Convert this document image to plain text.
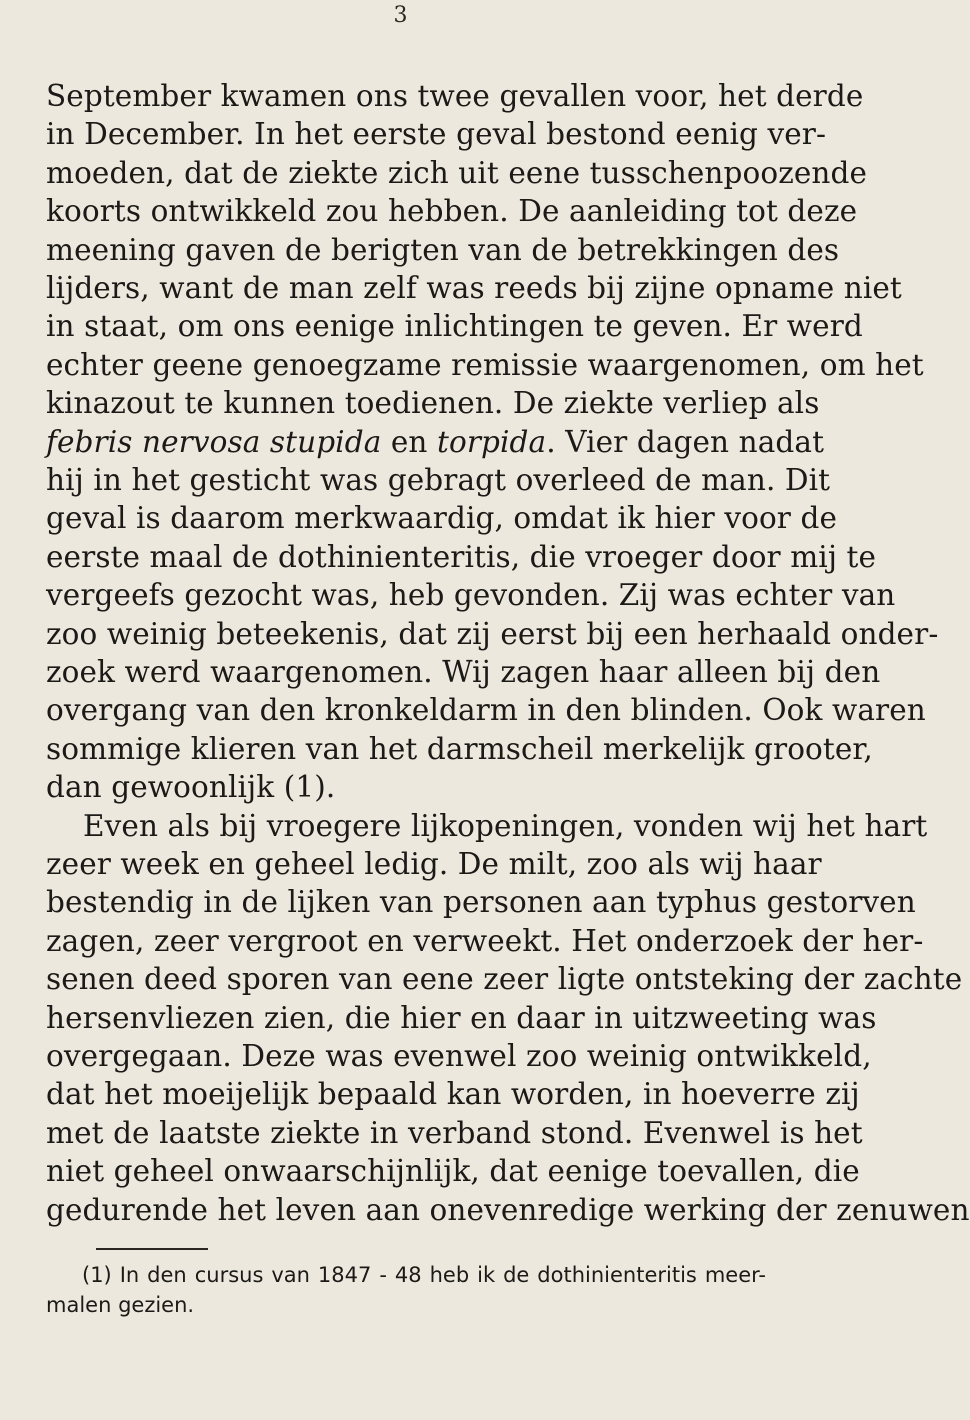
3
September kwamen ons twee gevallen voor, het derde
in December. In het eerste geval bestond eenig ver-
moeden, dat de ziekte zich uit eene tusschenpoozende
koorts ontwikkeld zou hebben. De aanleiding tot deze
meening gaven de berigten van de betrekkingen des
lijders, want de man zelf was reeds bij zijne opname niet
in staat, om ons eenige inlichtingen te geven. Er werd
echter geene genoegzame remissie waargenomen, om het
kinazout te kunnen toedienen. De ziekte verliep als
febris nervosa stupida en torpida. Vier dagen nadat
hij in het gesticht was gebragt overleed de man. Dit
geval is daarom merkwaardig, omdat ik hier voor de
eerste maal de dothinienteritis, die vroeger door mij te
vergeefs gezocht was, heb gevonden. Zij was echter van
zoo weinig beteekenis, dat zij eerst bij een herhaald onder-
zoek werd waargenomen. Wij zagen haar alleen bij den
overgang van den kronkeldarm in den blinden. Ook waren
sommige klieren van het darmscheil merkelijk grooter,
dan gewoonlijk (1).
Even als bij vroegere lijkopeningen, vonden wij het hart
zeer week en geheel ledig. De milt, zoo als wij haar
bestendig in de lijken van personen aan typhus gestorven
zagen, zeer vergroot en verweekt. Het onderzoek der her-
senen deed sporen van eene zeer ligte ontsteking der zachte
hersenvliezen zien, die hier en daar in uitzweeting was
overgegaan. Deze was evenwel zoo weinig ontwikkeld,
dat het moeijelijk bepaald kan worden, in hoeverre zij
met de laatste ziekte in verband stond. Evenwel is het
niet geheel onwaarschijnlijk, dat eenige toevallen, die
gedurende het leven aan onevenredige werking der zenuwen
(1) In den cursus van 1847 - 48 heb ik de dothinienteritis meer-
malen gezien.
